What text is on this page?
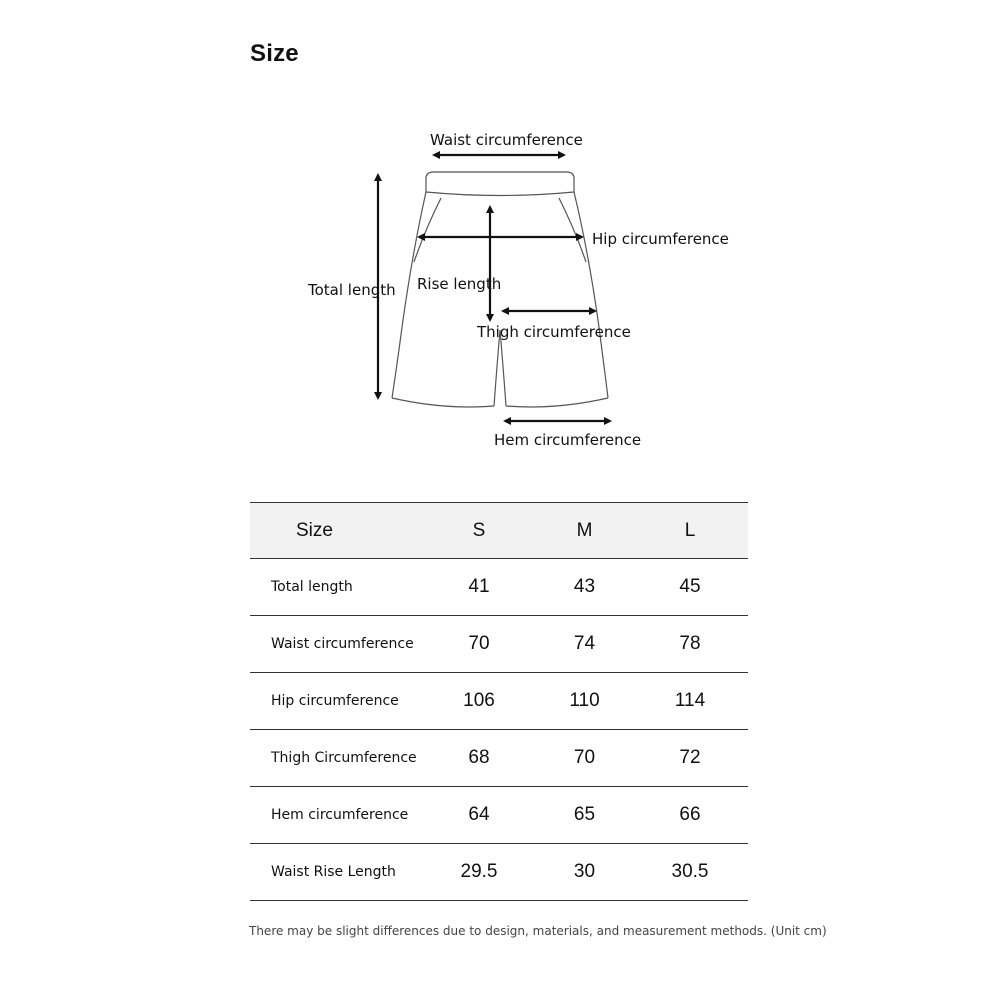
Size
Waist circumference
Hip circumference
Total length Rise length
Thigh circumference
Hem circumference
Size	S	M	L
Total length	41	43	45
Waist circumference	70	74	78
Hip circumference	106	110	114
Thigh Circumference	68	70	72
Hem circumference	64	65	66
Waist Rise Length	29.5	30	30.5
There may be slight differences due to design, materials, and measurement methods. (Unit cm)
